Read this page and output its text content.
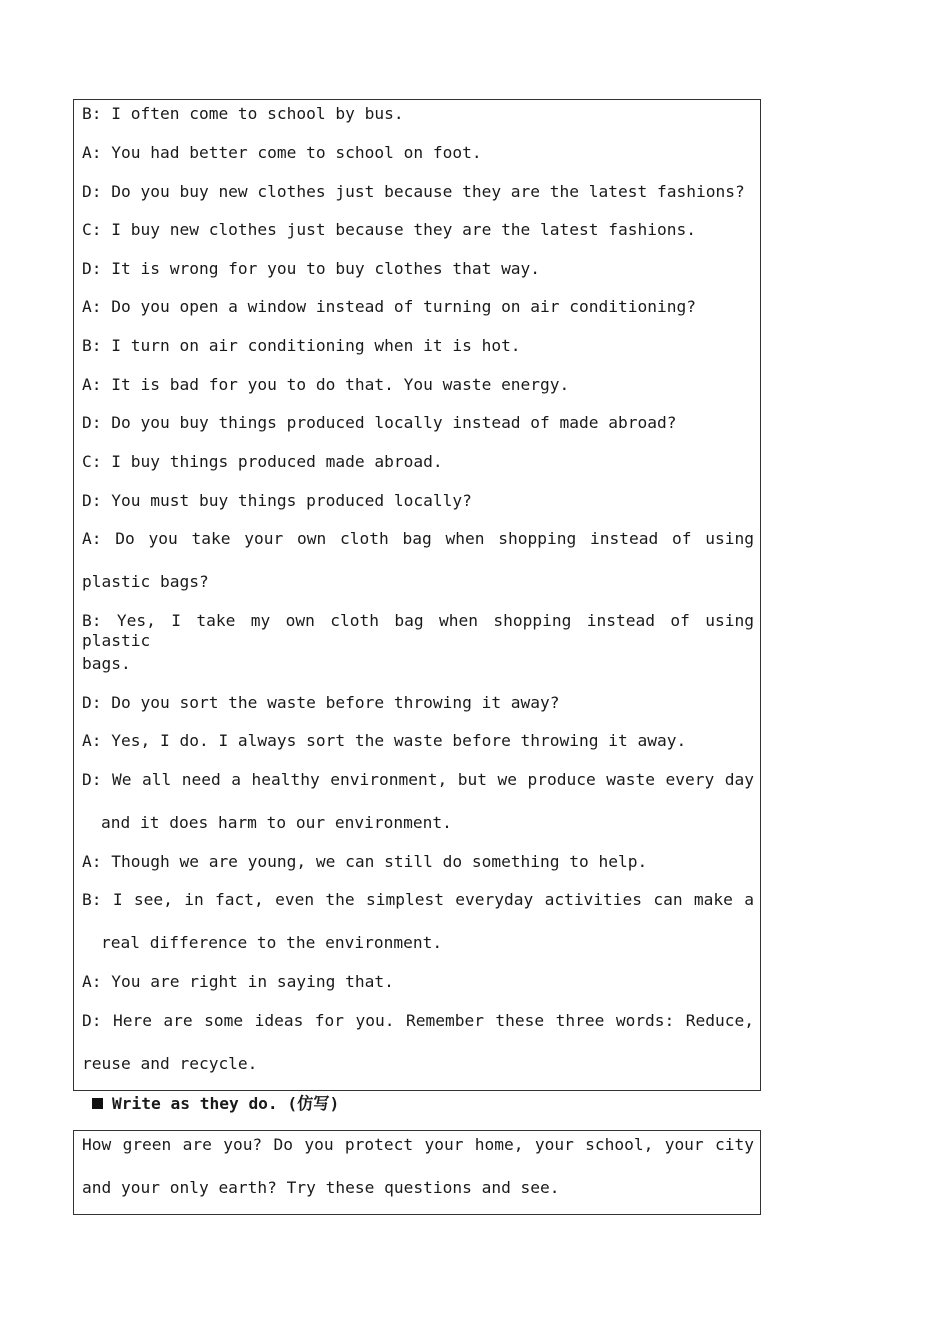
B: I often come to school by bus.
A: You had better come to school on foot.
D: Do you buy new clothes just because they are the latest fashions?
C: I buy new clothes just because they are the latest fashions.
D: It is wrong for you to buy clothes that way.
A: Do you open a window instead of turning on air conditioning?
B: I turn on air conditioning when it is hot.
A: It is bad for you to do that. You waste energy.
D: Do you buy things produced locally instead of made abroad?
C: I buy things produced made abroad.
D: You must buy things produced locally?
A: Do you take your own cloth bag when shopping instead of using
plastic bags?
B: Yes, I take my own cloth bag when shopping instead of using plastic
bags.
D: Do you sort the waste before throwing it away?
A: Yes, I do. I always sort the waste before throwing it away.
D: We all need a healthy environment, but we produce waste every day
and it does harm to our environment.
A: Though we are young, we can still do something to help.
B: I see, in fact, even the simplest everyday activities can make a
real difference to the environment.
A: You are right in saying that.
D: Here are some ideas for you. Remember these three words: Reduce,
reuse and recycle.
Write as they do. (仿写)
How green are you? Do you protect your home, your school, your city
and your only earth? Try these questions and see.
